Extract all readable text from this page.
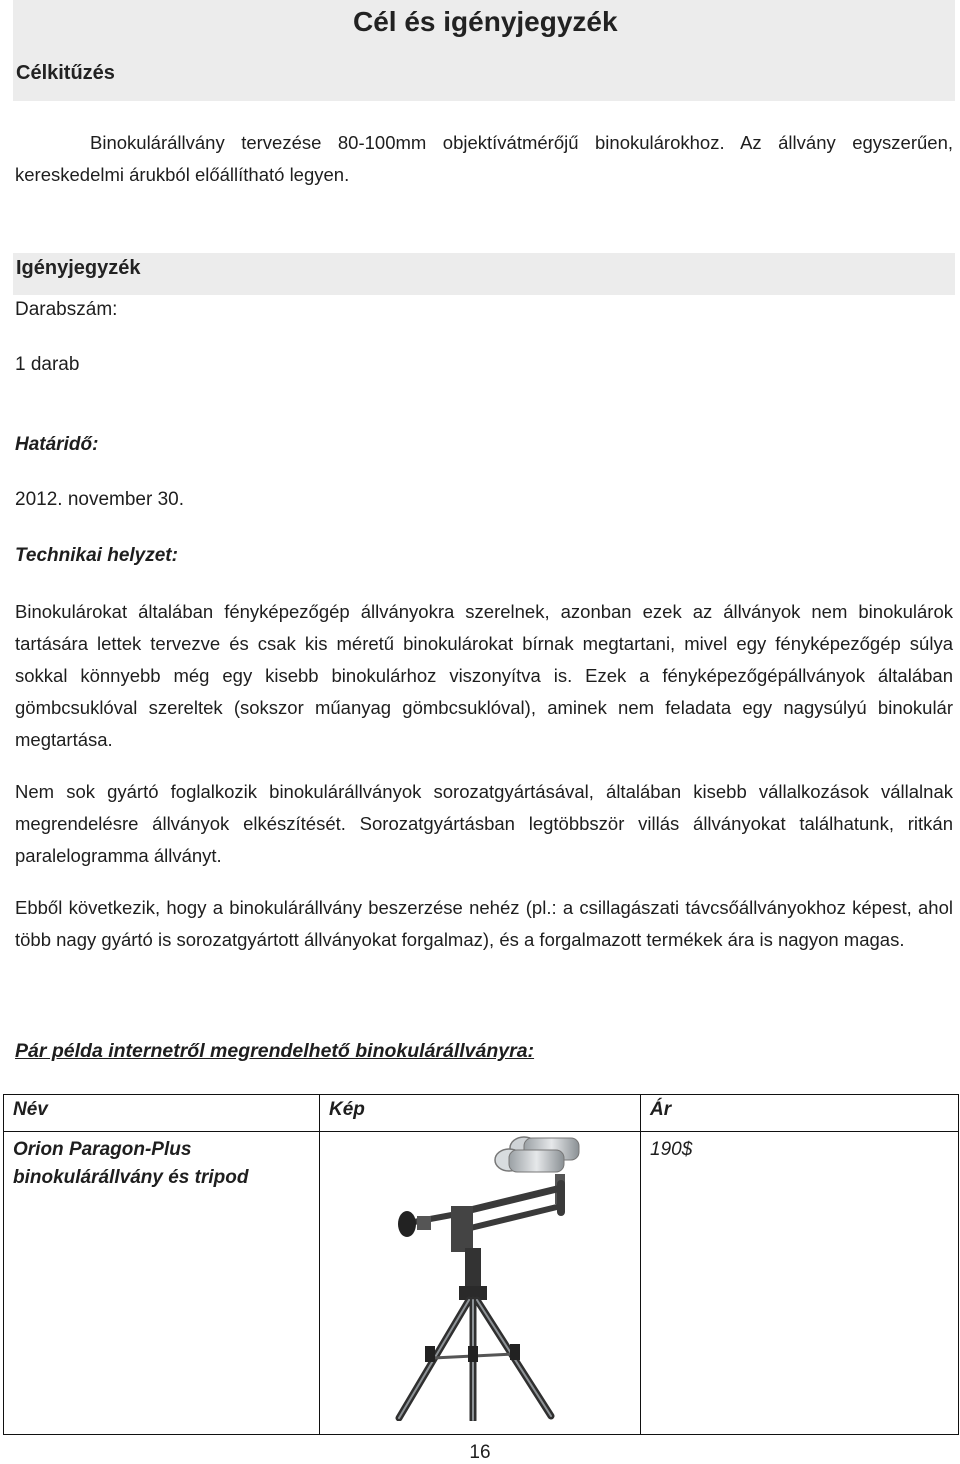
Cél és igényjegyzék

Célkitűzés

Binokulárállvány tervezése 80-100mm objektívátmérőjű binokulárokhoz. Az állvány egyszerűen, kereskedelmi árukból előállítható legyen.

Igényjegyzék

Darabszám:

1 darab

Határidő:

2012. november 30.

Technikai helyzet:

Binokulárokat általában fényképezőgép állványokra szerelnek, azonban ezek az állványok nem binokulárok tartására lettek tervezve és csak kis méretű binokulárokat bírnak megtartani, mivel egy fényképezőgép súlya sokkal könnyebb még egy kisebb binokulárhoz viszonyítva is. Ezek a fényképezőgépállványok általában gömbcsuklóval szereltek (sokszor műanyag gömbcsuklóval), aminek nem feladata egy nagysúlyú binokulár megtartása.

Nem sok gyártó foglalkozik binokulárállványok sorozatgyártásával, általában kisebb vállalkozások vállalnak megrendelésre állványok elkészítését. Sorozatgyártásban legtöbbször villás állványokat találhatunk, ritkán paralelogramma állványt.

Ebből következik, hogy a binokulárállvány beszerzése nehéz (pl.: a csillagászati távcsőállványokhoz képest, ahol több nagy gyártó is sorozatgyártott állványokat forgalmaz), és a forgalmazott termékek ára is nagyon magas.

Pár példa internetről megrendelhető binokulárállványra:

Név	Kép	Ár
Orion Paragon-Plus binokulárállvány és tripod		190$

16
